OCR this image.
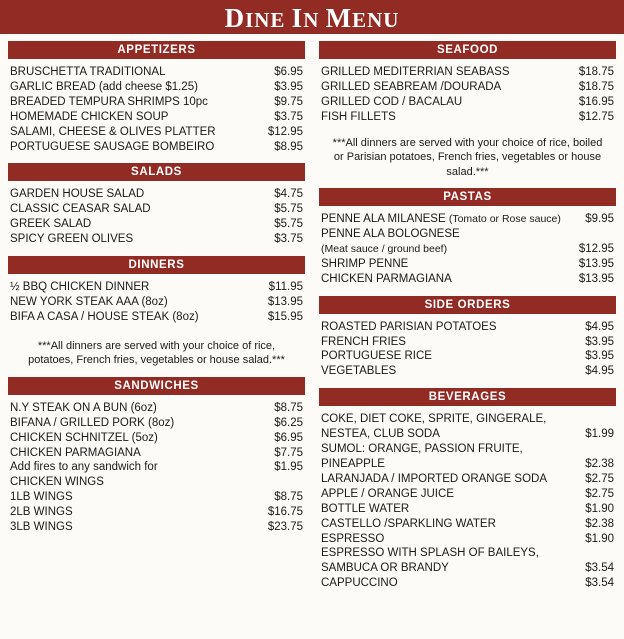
DINE IN MENU
APPETIZERS
BRUSCHETTA TRADITIONAL	$6.95
GARLIC BREAD (add cheese $1.25)	$3.95
BREADED TEMPURA SHRIMPS 10pc	$9.75
HOMEMADE CHICKEN SOUP	$3.75
SALAMI, CHEESE & OLIVES PLATTER	$12.95
PORTUGUESE SAUSAGE BOMBEIRO	$8.95
SALADS
GARDEN HOUSE SALAD	$4.75
CLASSIC CEASAR SALAD	$5.75
GREEK SALAD	$5.75
SPICY GREEN OLIVES	$3.75
DINNERS
½ BBQ CHICKEN DINNER	$11.95
NEW YORK STEAK AAA (8oz)	$13.95
BIFA A CASA / HOUSE STEAK (8oz)	$15.95
***All dinners are served with your choice of rice, potatoes, French fries, vegetables or house salad.***
SANDWICHES
N.Y STEAK ON A BUN (6oz)	$8.75
BIFANA / GRILLED PORK (8oz)	$6.25
CHICKEN SCHNITZEL (5oz)	$6.95
CHICKEN PARMAGIANA	$7.75
Add fires to any sandwich for	$1.95
CHICKEN WINGS
1LB WINGS	$8.75
2LB WINGS	$16.75
3LB WINGS	$23.75
SEAFOOD
GRILLED MEDITERRIAN SEABASS	$18.75
GRILLED SEABREAM /DOURADA	$18.75
GRILLED COD / BACALAU	$16.95
FISH FILLETS	$12.75
***All dinners are served with your choice of rice, boiled or Parisian potatoes, French fries, vegetables or house salad.***
PASTAS
PENNE ALA MILANESE (Tomato or Rose sauce)	$9.95
PENNE ALA BOLOGNESE
(Meat sauce / ground beef)	$12.95
SHRIMP PENNE	$13.95
CHICKEN PARMAGIANA	$13.95
SIDE ORDERS
ROASTED PARISIAN POTATOES	$4.95
FRENCH FRIES	$3.95
PORTUGUESE RICE	$3.95
VEGETABLES	$4.95
BEVERAGES
COKE, DIET COKE, SPRITE, GINGERALE,
NESTEA, CLUB SODA	$1.99
SUMOL: ORANGE, PASSION FRUITE,
PINEAPPLE	$2.38
LARANJADA / IMPORTED ORANGE SODA	$2.75
APPLE / ORANGE JUICE	$2.75
BOTTLE WATER	$1.90
CASTELLO /SPARKLING WATER	$2.38
ESPRESSO	$1.90
ESPRESSO WITH SPLASH OF BAILEYS,
SAMBUCA OR BRANDY	$3.54
CAPPUCCINO	$3.54
